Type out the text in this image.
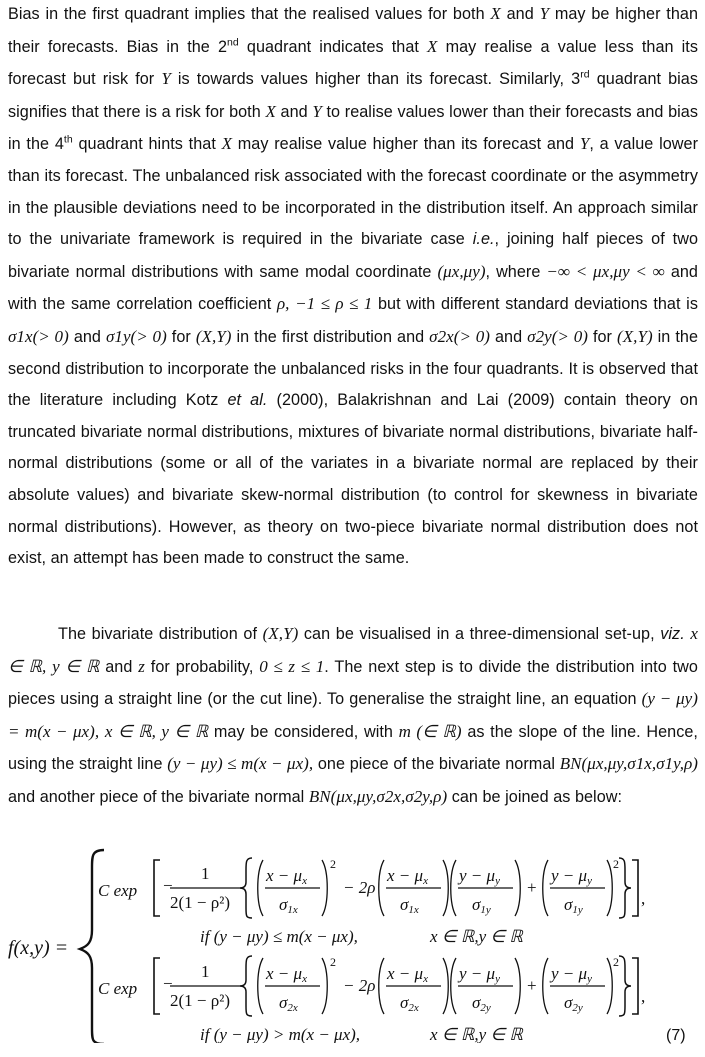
Bias in the first quadrant implies that the realised values for both X and Y may be higher than their forecasts. Bias in the 2nd quadrant indicates that X may realise a value less than its forecast but risk for Y is towards values higher than its forecast. Similarly, 3rd quadrant bias signifies that there is a risk for both X and Y to realise values lower than their forecasts and bias in the 4th quadrant hints that X may realise value higher than its forecast and Y, a value lower than its forecast. The unbalanced risk associated with the forecast coordinate or the asymmetry in the plausible deviations need to be incorporated in the distribution itself. An approach similar to the univariate framework is required in the bivariate case i.e., joining half pieces of two bivariate normal distributions with same modal coordinate (μx,μy), where −∞ < μx,μy < ∞ and with the same correlation coefficient ρ, −1 ≤ ρ ≤ 1 but with different standard deviations that is σ1x(> 0) and σ1y(> 0) for (X,Y) in the first distribution and σ2x(> 0) and σ2y(> 0) for (X,Y) in the second distribution to incorporate the unbalanced risks in the four quadrants. It is observed that the literature including Kotz et al. (2000), Balakrishnan and Lai (2009) contain theory on truncated bivariate normal distributions, mixtures of bivariate normal distributions, bivariate half-normal distributions (some or all of the variates in a bivariate normal are replaced by their absolute values) and bivariate skew-normal distribution (to control for skewness in bivariate normal distributions). However, as theory on two-piece bivariate normal distribution does not exist, an attempt has been made to construct the same.
The bivariate distribution of (X,Y) can be visualised in a three-dimensional set-up, viz. x ∈ ℝ, y ∈ ℝ and z for probability, 0 ≤ z ≤ 1. The next step is to divide the distribution into two pieces using a straight line (or the cut line). To generalise the straight line, an equation (y − μy) = m(x − μx), x ∈ ℝ, y ∈ ℝ may be considered, with m (∈ ℝ) as the slope of the line. Hence, using the straight line (y − μy) ≤ m(x − μx), one piece of the bivariate normal BN(μx,μy,σ1x,σ1y,ρ) and another piece of the bivariate normal BN(μx,μy,σ2x,σ2y,ρ) can be joined as below:
f(x,y) =
C exp −
1
2(1 − ρ²)
x − μx
σ1x
2
− 2ρ
x − μx
σ1x
y − μy
σ1y
+
y − μy
σ1y
2
,
if (y − μy) ≤ m(x − μx),	x ∈ ℝ,y ∈ ℝ
C exp −
1
2(1 − ρ²)
x − μx
σ2x
2
− 2ρ
x − μx
σ2x
y − μy
σ2y
+
y − μy
σ2y
2
,
if (y − μy) > m(x − μx),	x ∈ ℝ,y ∈ ℝ	(7)
